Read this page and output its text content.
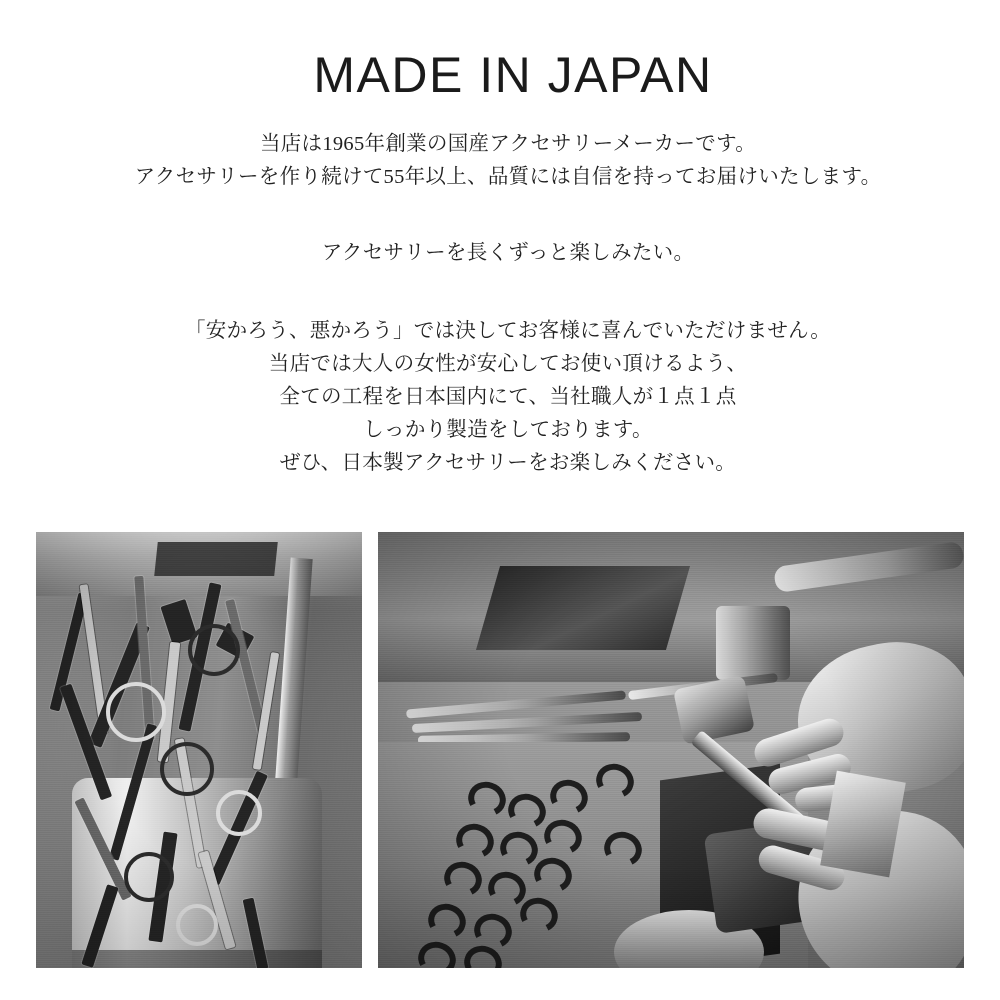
MADE IN JAPAN

当店は1965年創業の国産アクセサリーメーカーです。

アクセサリーを作り続けて55年以上、品質には自信を持ってお届けいたします。

アクセサリーを長くずっと楽しみたい。

「安かろう、悪かろう」では決してお客様に喜んでいただけません。

当店では大人の女性が安心してお使い頂けるよう、

全ての工程を日本国内にて、当社職人が１点１点

しっかり製造をしております。

ぜひ、日本製アクセサリーをお楽しみください。
